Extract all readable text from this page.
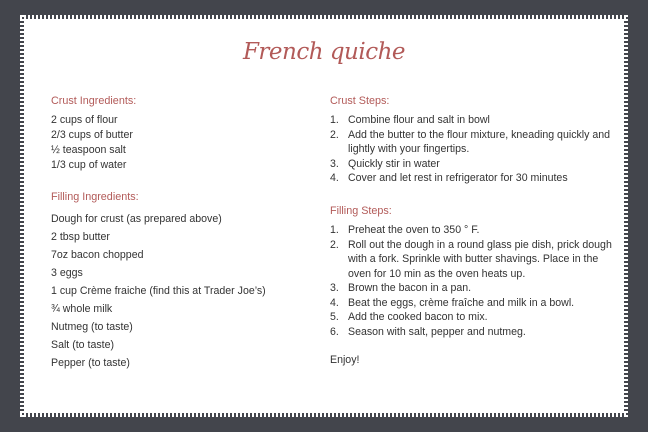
French quiche
Crust Ingredients:
2 cups of flour
2/3 cups of butter
½ teaspoon salt
1/3 cup of water
Filling Ingredients:
Dough for crust (as prepared above)
2 tbsp butter
7oz bacon chopped
3 eggs
1 cup Crème fraiche (find this at Trader Joe’s)
¾ whole milk
Nutmeg (to taste)
Salt (to taste)
Pepper (to taste)
Crust Steps:
1. Combine flour and salt in bowl
2. Add the butter to the flour mixture, kneading quickly and lightly with your fingertips.
3. Quickly stir in water
4. Cover and let rest in refrigerator for 30 minutes
Filling Steps:
1. Preheat the oven to 350 ° F.
2. Roll out the dough in a round glass pie dish, prick dough with a fork. Sprinkle with butter shavings. Place in the oven for 10 min as the oven heats up.
3. Brown the bacon in a pan.
4. Beat the eggs, crème fraîche and milk in a bowl.
5. Add the cooked bacon to mix.
6. Season with salt, pepper and nutmeg.
Enjoy!
